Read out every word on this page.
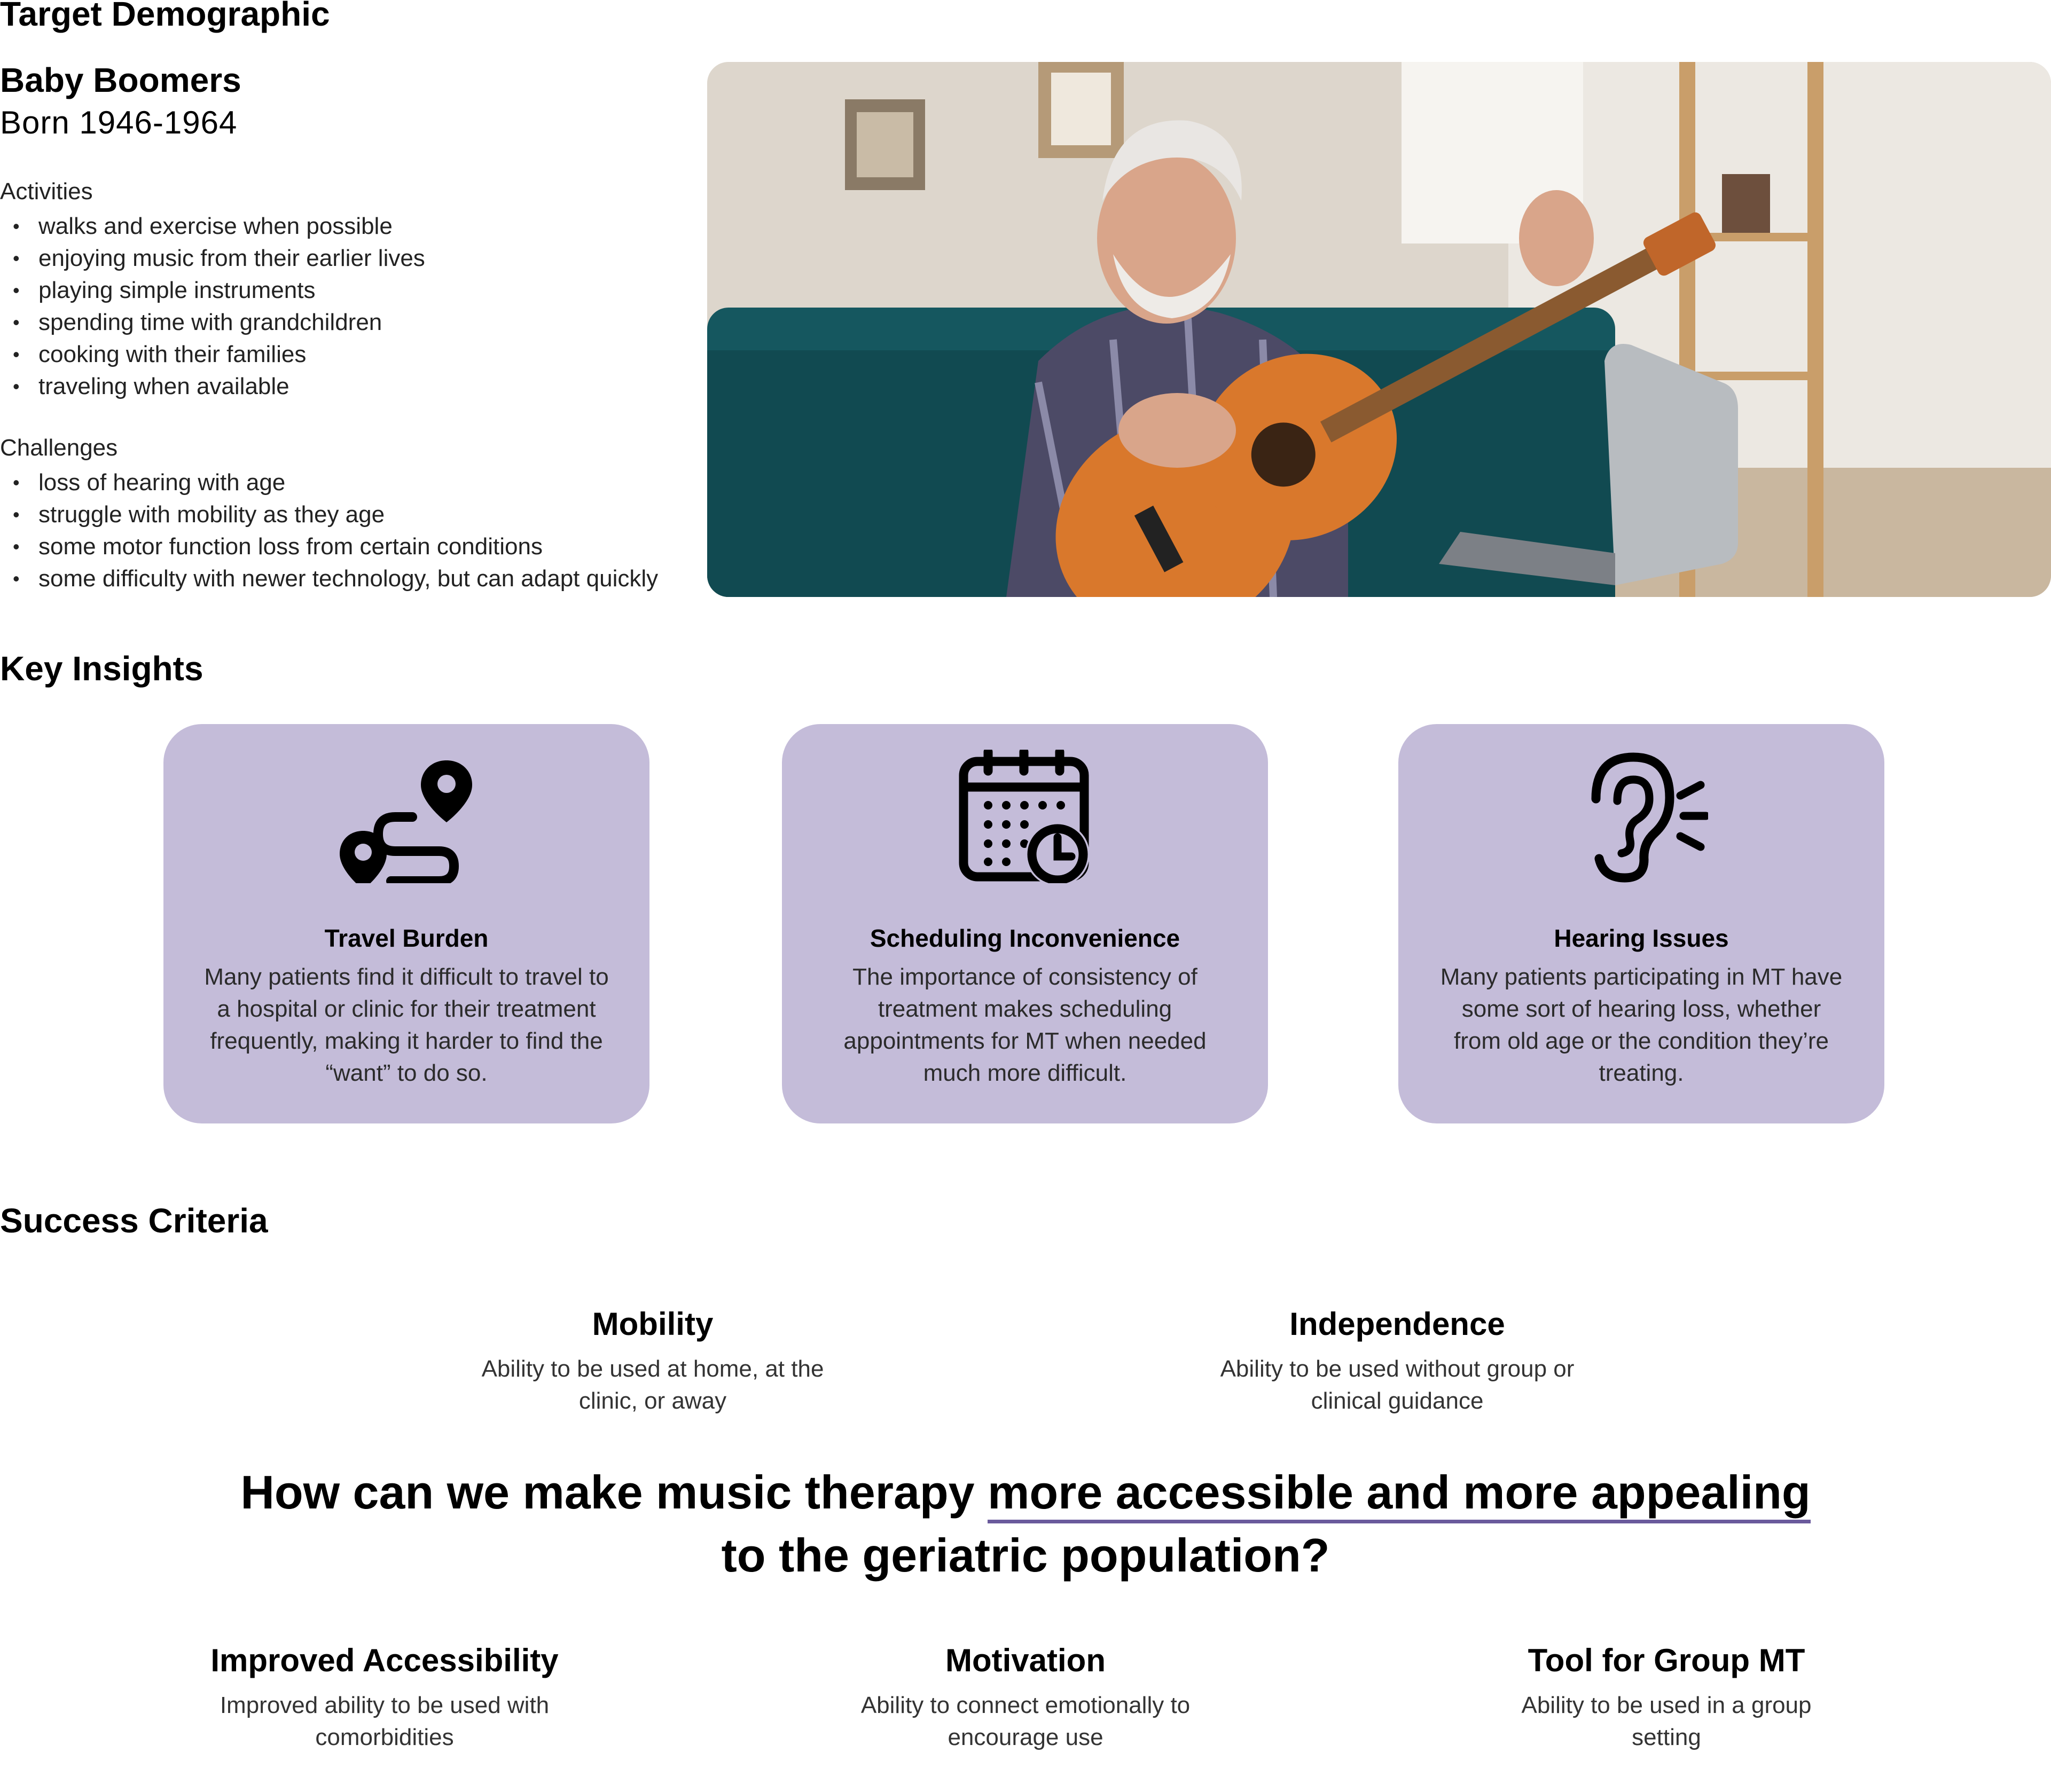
Target Demographic
Baby Boomers
Born 1946-1964
Activities
• walks and exercise when possible
• enjoying music from their earlier lives
• playing simple instruments
• spending time with grandchildren
• cooking with their families
• traveling when available
Challenges
• loss of hearing with age
• struggle with mobility as they age
• some motor function loss from certain conditions
• some difficulty with newer technology, but can adapt quickly
Key Insights
Travel Burden
Many patients find it difficult to travel to a hospital or clinic for their treatment frequently, making it harder to find the “want” to do so.
Scheduling Inconvenience
The importance of consistency of treatment makes scheduling appointments for MT when needed much more difficult.
Hearing Issues
Many patients participating in MT have some sort of hearing loss, whether from old age or the condition they’re treating.
Success Criteria
Mobility
Ability to be used at home, at the clinic, or away
Independence
Ability to be used without group or clinical guidance
How can we make music therapy more accessible and more appealing
to the geriatric population?
Improved Accessibility
Improved ability to be used with comorbidities
Motivation
Ability to connect emotionally to encourage use
Tool for Group MT
Ability to be used in a group setting
